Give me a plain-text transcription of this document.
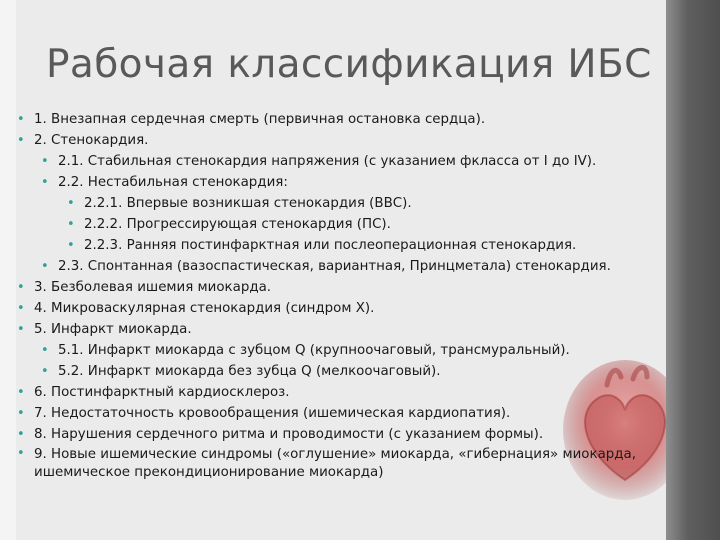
Рабочая классификация ИБС
• 1. Внезапная сердечная смерть (первичная остановка сердца).
• 2. Стенокардия.
• 2.1. Стабильная стенокардия напряжения (с указанием фкласса от I до IV).
• 2.2. Нестабильная стенокардия:
• 2.2.1. Впервые возникшая стенокардия (ВВС).
• 2.2.2. Прогрессирующая стенокардия (ПС).
• 2.2.3. Ранняя постинфарктная или послеоперационная стенокардия.
• 2.3. Спонтанная (вазоспастическая, вариантная, Принцметала) стенокардия.
• 3. Безболевая ишемия миокарда.
• 4. Микроваскулярная стенокардия (синдром X).
• 5. Инфаркт миокарда.
• 5.1. Инфаркт миокарда с зубцом Q (крупноочаговый, трансмуральный).
• 5.2. Инфаркт миокарда без зубца Q (мелкоочаговый).
• 6. Постинфарктный кардиосклероз.
• 7. Недостаточность кровообращения (ишемическая кардиопатия).
• 8. Нарушения сердечного ритма и проводимости (с указанием формы).
• 9. Новые ишемические синдромы («оглушение» миокарда, «гибернация» миокарда, ишемическое прекондиционирование миокарда)
